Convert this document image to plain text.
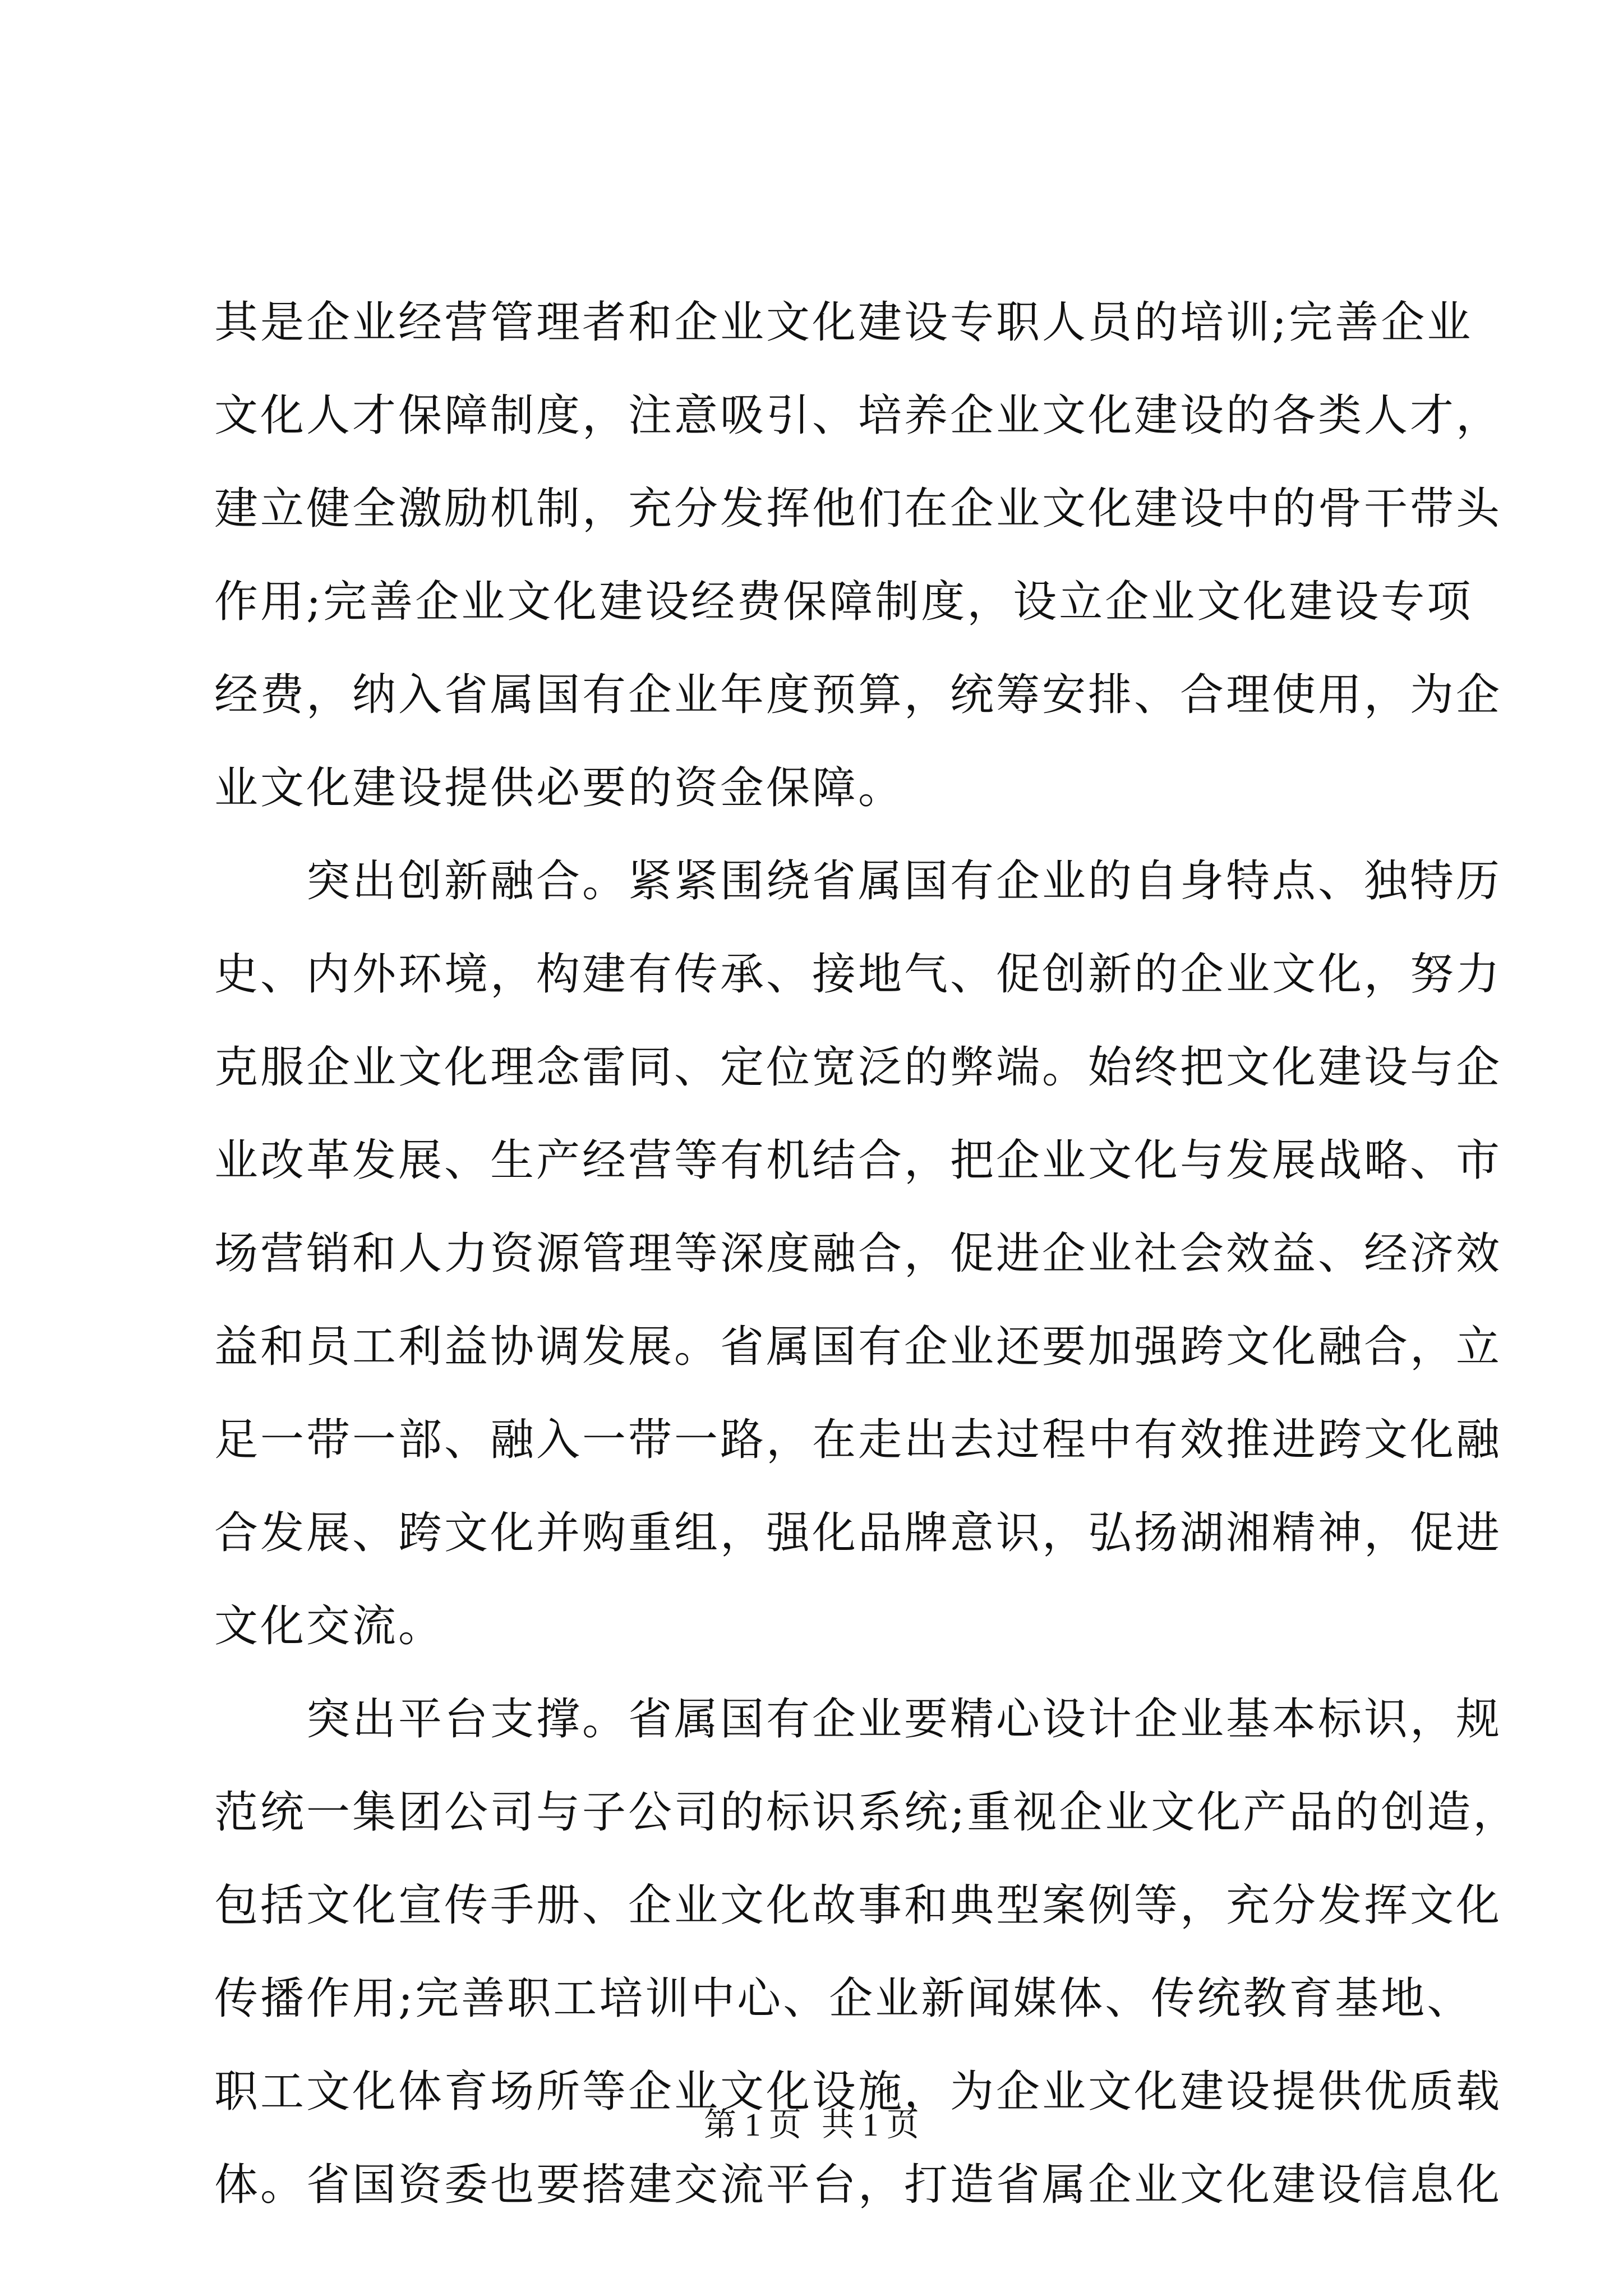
其是企业经营管理者和企业文化建设专职人员的培训;完善企业
文化人才保障制度，注意吸引、培养企业文化建设的各类人才，
建立健全激励机制，充分发挥他们在企业文化建设中的骨干带头
作用;完善企业文化建设经费保障制度，设立企业文化建设专项
经费，纳入省属国有企业年度预算，统筹安排、合理使用，为企
业文化建设提供必要的资金保障。
　　突出创新融合。紧紧围绕省属国有企业的自身特点、独特历
史、内外环境，构建有传承、接地气、促创新的企业文化，努力
克服企业文化理念雷同、定位宽泛的弊端。始终把文化建设与企
业改革发展、生产经营等有机结合，把企业文化与发展战略、市
场营销和人力资源管理等深度融合，促进企业社会效益、经济效
益和员工利益协调发展。省属国有企业还要加强跨文化融合，立
足一带一部、融入一带一路，在走出去过程中有效推进跨文化融
合发展、跨文化并购重组，强化品牌意识，弘扬湖湘精神，促进
文化交流。
　　突出平台支撑。省属国有企业要精心设计企业基本标识，规
范统一集团公司与子公司的标识系统;重视企业文化产品的创造，
包括文化宣传手册、企业文化故事和典型案例等，充分发挥文化
传播作用;完善职工培训中心、企业新闻媒体、传统教育基地、
职工文化体育场所等企业文化设施，为企业文化建设提供优质载
体。省国资委也要搭建交流平台，打造省属企业文化建设信息化
第 1 页 共 1 页
